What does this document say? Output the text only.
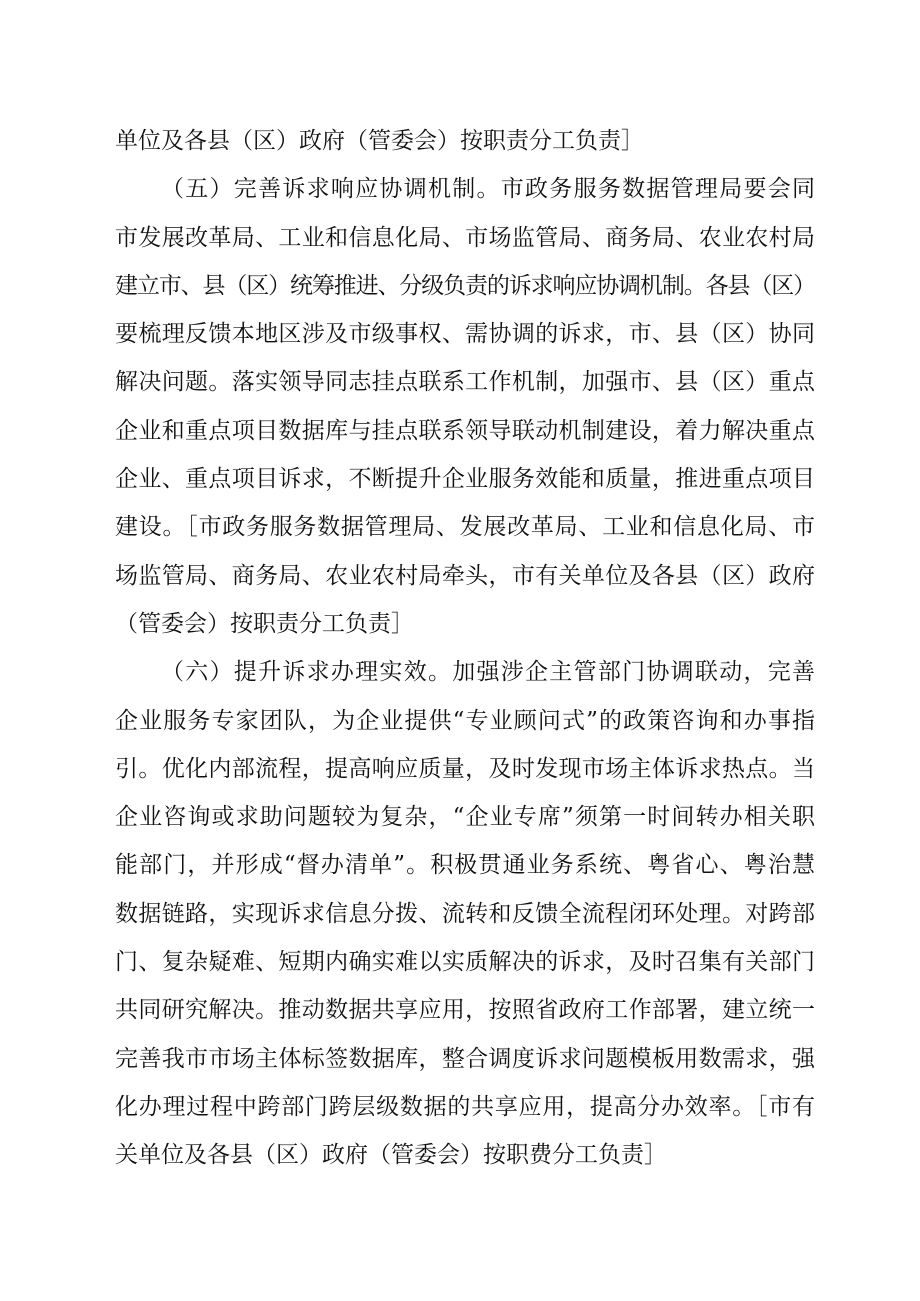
单位及各县（区）政府（管委会）按职责分工负责］
（五）完善诉求响应协调机制。市政务服务数据管理局要会同
市发展改革局、工业和信息化局、市场监管局、商务局、农业农村局
建立市、县（区）统筹推进、分级负责的诉求响应协调机制。各县（区）
要梳理反馈本地区涉及市级事权、需协调的诉求，市、县（区）协同
解决问题。落实领导同志挂点联系工作机制，加强市、县（区）重点
企业和重点项目数据库与挂点联系领导联动机制建设，着力解决重点
企业、重点项目诉求，不断提升企业服务效能和质量，推进重点项目
建设。［市政务服务数据管理局、发展改革局、工业和信息化局、市
场监管局、商务局、农业农村局牵头，市有关单位及各县（区）政府
（管委会）按职责分工负责］
（六）提升诉求办理实效。加强涉企主管部门协调联动，完善
企业服务专家团队，为企业提供“专业顾问式”的政策咨询和办事指
引。优化内部流程，提高响应质量，及时发现市场主体诉求热点。当
企业咨询或求助问题较为复杂，“企业专席”须第一时间转办相关职
能部门，并形成“督办清单”。积极贯通业务系统、粤省心、粤治慧
数据链路，实现诉求信息分拨、流转和反馈全流程闭环处理。对跨部
门、复杂疑难、短期内确实难以实质解决的诉求，及时召集有关部门
共同研究解决。推动数据共享应用，按照省政府工作部署，建立统一
完善我市市场主体标签数据库，整合调度诉求问题模板用数需求，强
化办理过程中跨部门跨层级数据的共享应用，提高分办效率。［市有
关单位及各县（区）政府（管委会）按职费分工负责］
